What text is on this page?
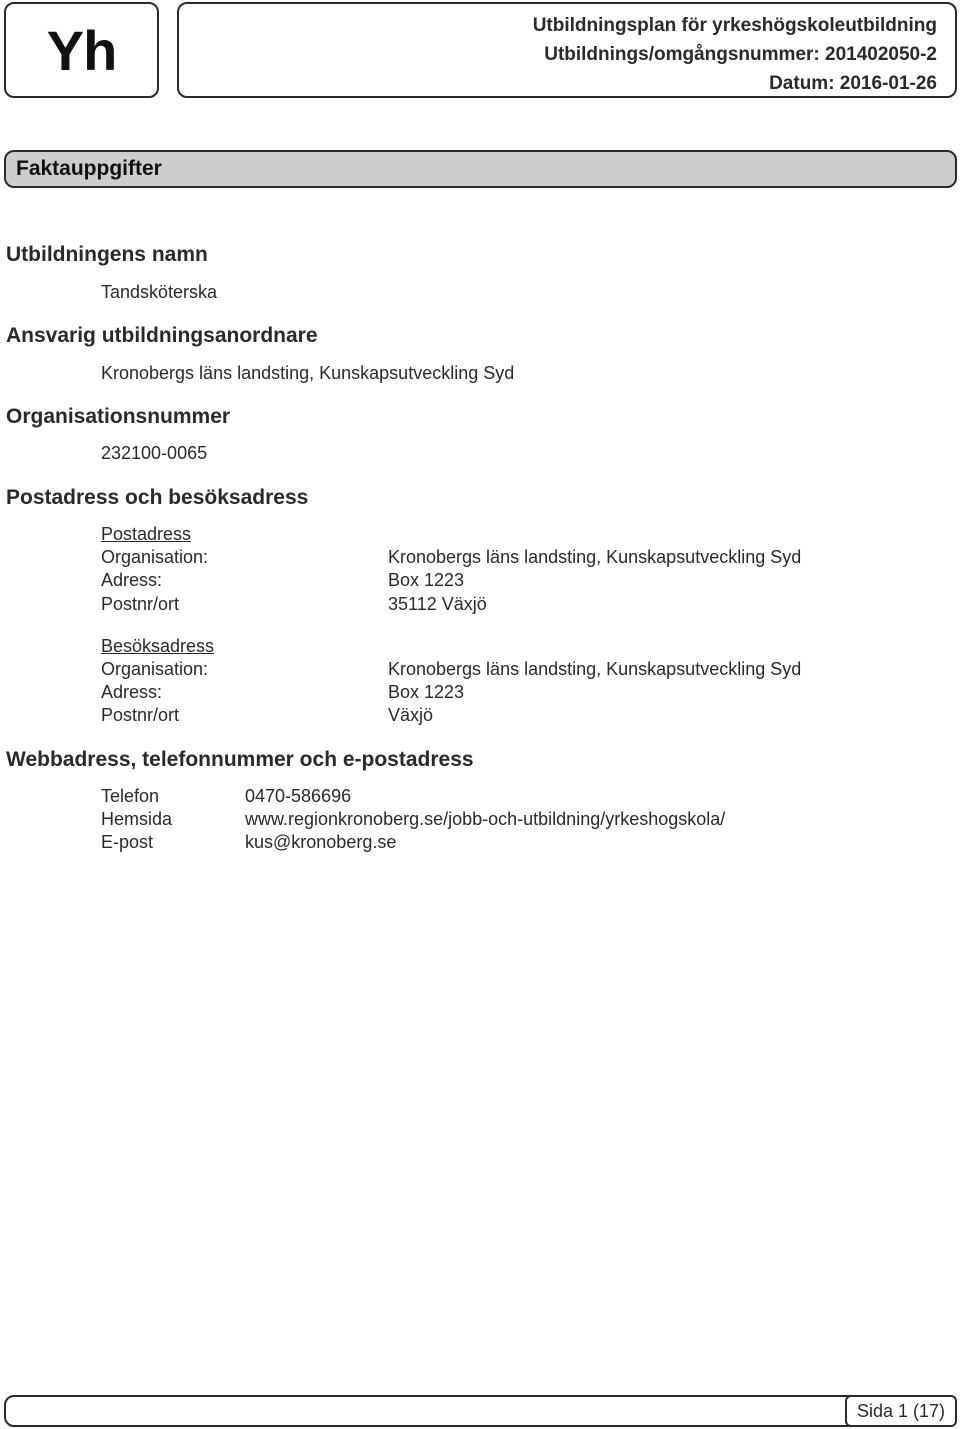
Yh	Utbildningsplan för yrkeshögskoleutbildning
Utbildnings/omgångsnummer: 201402050-2
Datum: 2016-01-26
Faktauppgifter
Utbildningens namn
Tandsköterska
Ansvarig utbildningsanordnare
Kronobergs läns landsting, Kunskapsutveckling Syd
Organisationsnummer
232100-0065
Postadress och besöksadress
Postadress
Organisation:	Kronobergs läns landsting, Kunskapsutveckling Syd
Adress:	Box 1223
Postnr/ort	35112 Växjö
Besöksadress
Organisation:	Kronobergs läns landsting, Kunskapsutveckling Syd
Adress:	Box 1223
Postnr/ort	Växjö
Webbadress, telefonnummer och e-postadress
Telefon	0470-586696
Hemsida	www.regionkronoberg.se/jobb-och-utbildning/yrkeshogskola/
E-post	kus@kronoberg.se
Sida 1 (17)
